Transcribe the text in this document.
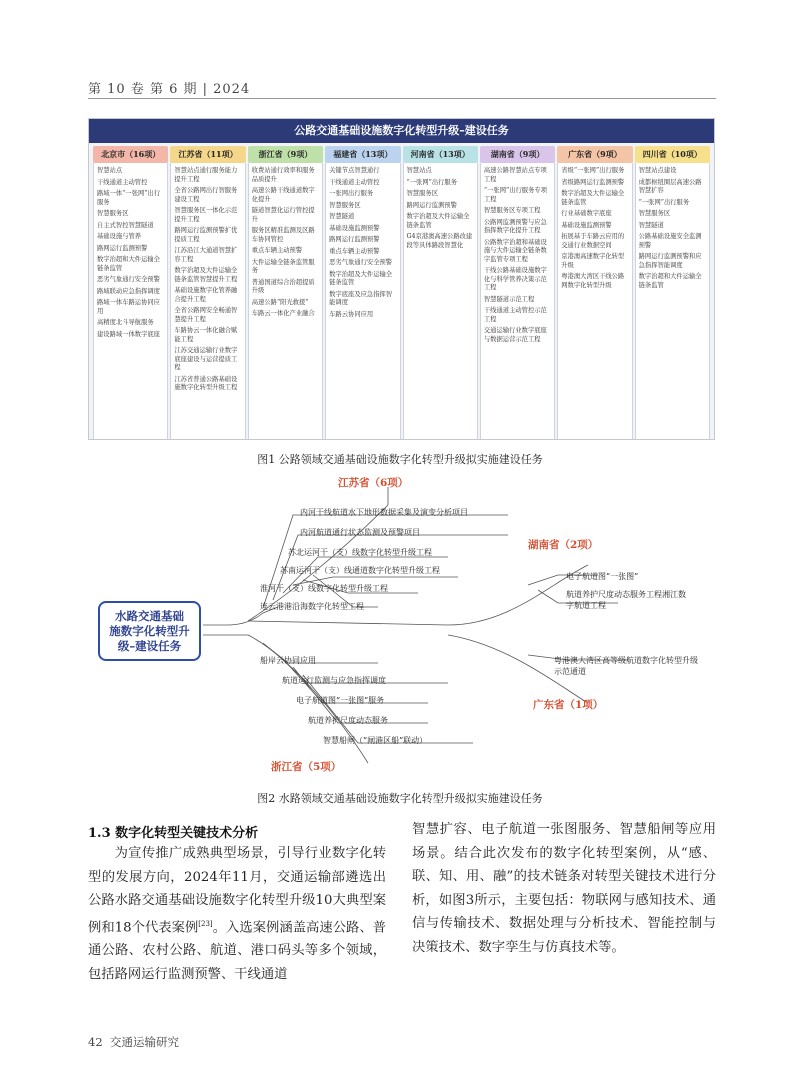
第 10 卷 第 6 期 | 2024
公路交通基础设施数字化转型升级–建设任务
北京市（16项）
智慧站点
干线通道主动管控
路域一体“一张网”出行服务
智慧服务区
自主式智控智慧隧道
基础设施与管养
路网运行监测预警
数字治超和大件运输全链条监管
恶劣气象通行安全预警
路域联动应急指挥调度
路域一体车路运协同应用
高精度北斗导航服务
建设路域一体数字底座
江苏省（11项）
智慧站点通行服务能力提升工程
全省公路网出行智服务建设工程
智慧服务区一体化示范提升工程
路网运行监测预警扩优提质工程
江苏沿江大通道智慧扩容工程
数字治超及大件运输全链条监管智慧提升工程
基础设施数字化管养融合提升工程
全省公路网安全畅通智慧提升工程
车路协云一体化融合赋能工程
江苏交通运输行业数字底座建设与运营提质工程
江苏省普通公路基础设施数字化转型升级工程
浙江省（9项）
收费站通行效率和服务品质提升
高速公路干线通道数字化提升
隧道智慧化运行管控提升
服务区精准监测及区路车协同管控
重点车辆主动预警
大件运输全链条监管服务
普通国道综合治超提质升级
高速公路“阳光救援”
车路云一体化产业融合
福建省（13项）
关键节点智慧通行
干线通道主动管控
一张网出行服务
智慧服务区
智慧隧道
基础设施监测预警
路网运行监测预警
重点车辆主动预警
恶劣气象通行安全预警
数字治超及大件运输全链条监管
数字底座及应急指挥智能调度
车路云协同应用
河南省（13项）
智慧站点
“一张网”出行服务
智慧服务区
路网运行监测预警
数字治超及大件运输全链条监管
G4京港澳高速公路改建段等具体路段智慧化
湖南省（9项）
高速公路智慧站点专项工程
“一张网”出行服务专项工程
智慧服务区专项工程
公路网监测预警与应急指挥数字化提升工程
公路数字治超和基础设施与大件运输全链条数字监管专项工程
干线公路基础设施数字化与科学管养决策示范工程
智慧隧道示范工程
干线通道主动管控示范工程
交通运输行业数字底座与数据运营示范工程
广东省（9项）
省级“一张网”出行服务
省级路网运行监测预警
数字治超及大件运输全链条监管
行业基础数字底座
基础设施监测预警
拓展基于车路云应用的交通行业数据空间
京港澳高速数字化转型升级
粤港澳大湾区干线公路网数字化转型升级
四川省（10项）
智慧站点建设
成都枢纽圈层高速公路智慧扩容
“一张网”出行服务
智慧服务区
智慧隧道
公路基础设施安全监测预警
路网运行监测预警和应急指挥智能调度
数字治超和大件运输全链条监管
图1 公路领域交通基础设施数字化转型升级拟实施建设任务
水路交通基础
施数字化转型升
级–建设任务
江苏省（6项）
内河干线航道水下地形数据采集及演变分析项目
内河航道通行状态监测及预警项目
苏北运河干（支）线数字化转型升级工程
苏南运河干（支）线通道数字化转型升级工程
淮河干（支）线数字化转型升级工程
连云港港沿海数字化转型工程
湖南省（2项）
电子航道图“一张图”
航道养护尺度动态服务工程湘江数字航道工程
船岸云协同应用
航道运行监测与应急指挥调度
电子航道图“一张图”服务
航道养护尺度动态服务
智慧船闸（“闸港区船”联动）
浙江省（5项）
粤港澳大湾区高等级航道数字化转型升级示范通道
广东省（1项）
图2 水路领域交通基础设施数字化转型升级拟实施建设任务
1.3 数字化转型关键技术分析
为宣传推广成熟典型场景，引导行业数字化转型的发展方向，2024年11月，交通运输部遴选出公路水路交通基础设施数字化转型升级10大典型案例和18个代表案例[23]。入选案例涵盖高速公路、普通公路、农村公路、航道、港口码头等多个领域，包括路网运行监测预警、干线通道
智慧扩容、电子航道一张图服务、智慧船闸等应用场景。结合此次发布的数字化转型案例，从“感、联、知、用、融”的技术链条对转型关键技术进行分析，如图3所示，主要包括：物联网与感知技术、通信与传输技术、数据处理与分析技术、智能控制与决策技术、数字孪生与仿真技术等。
42 交通运输研究
